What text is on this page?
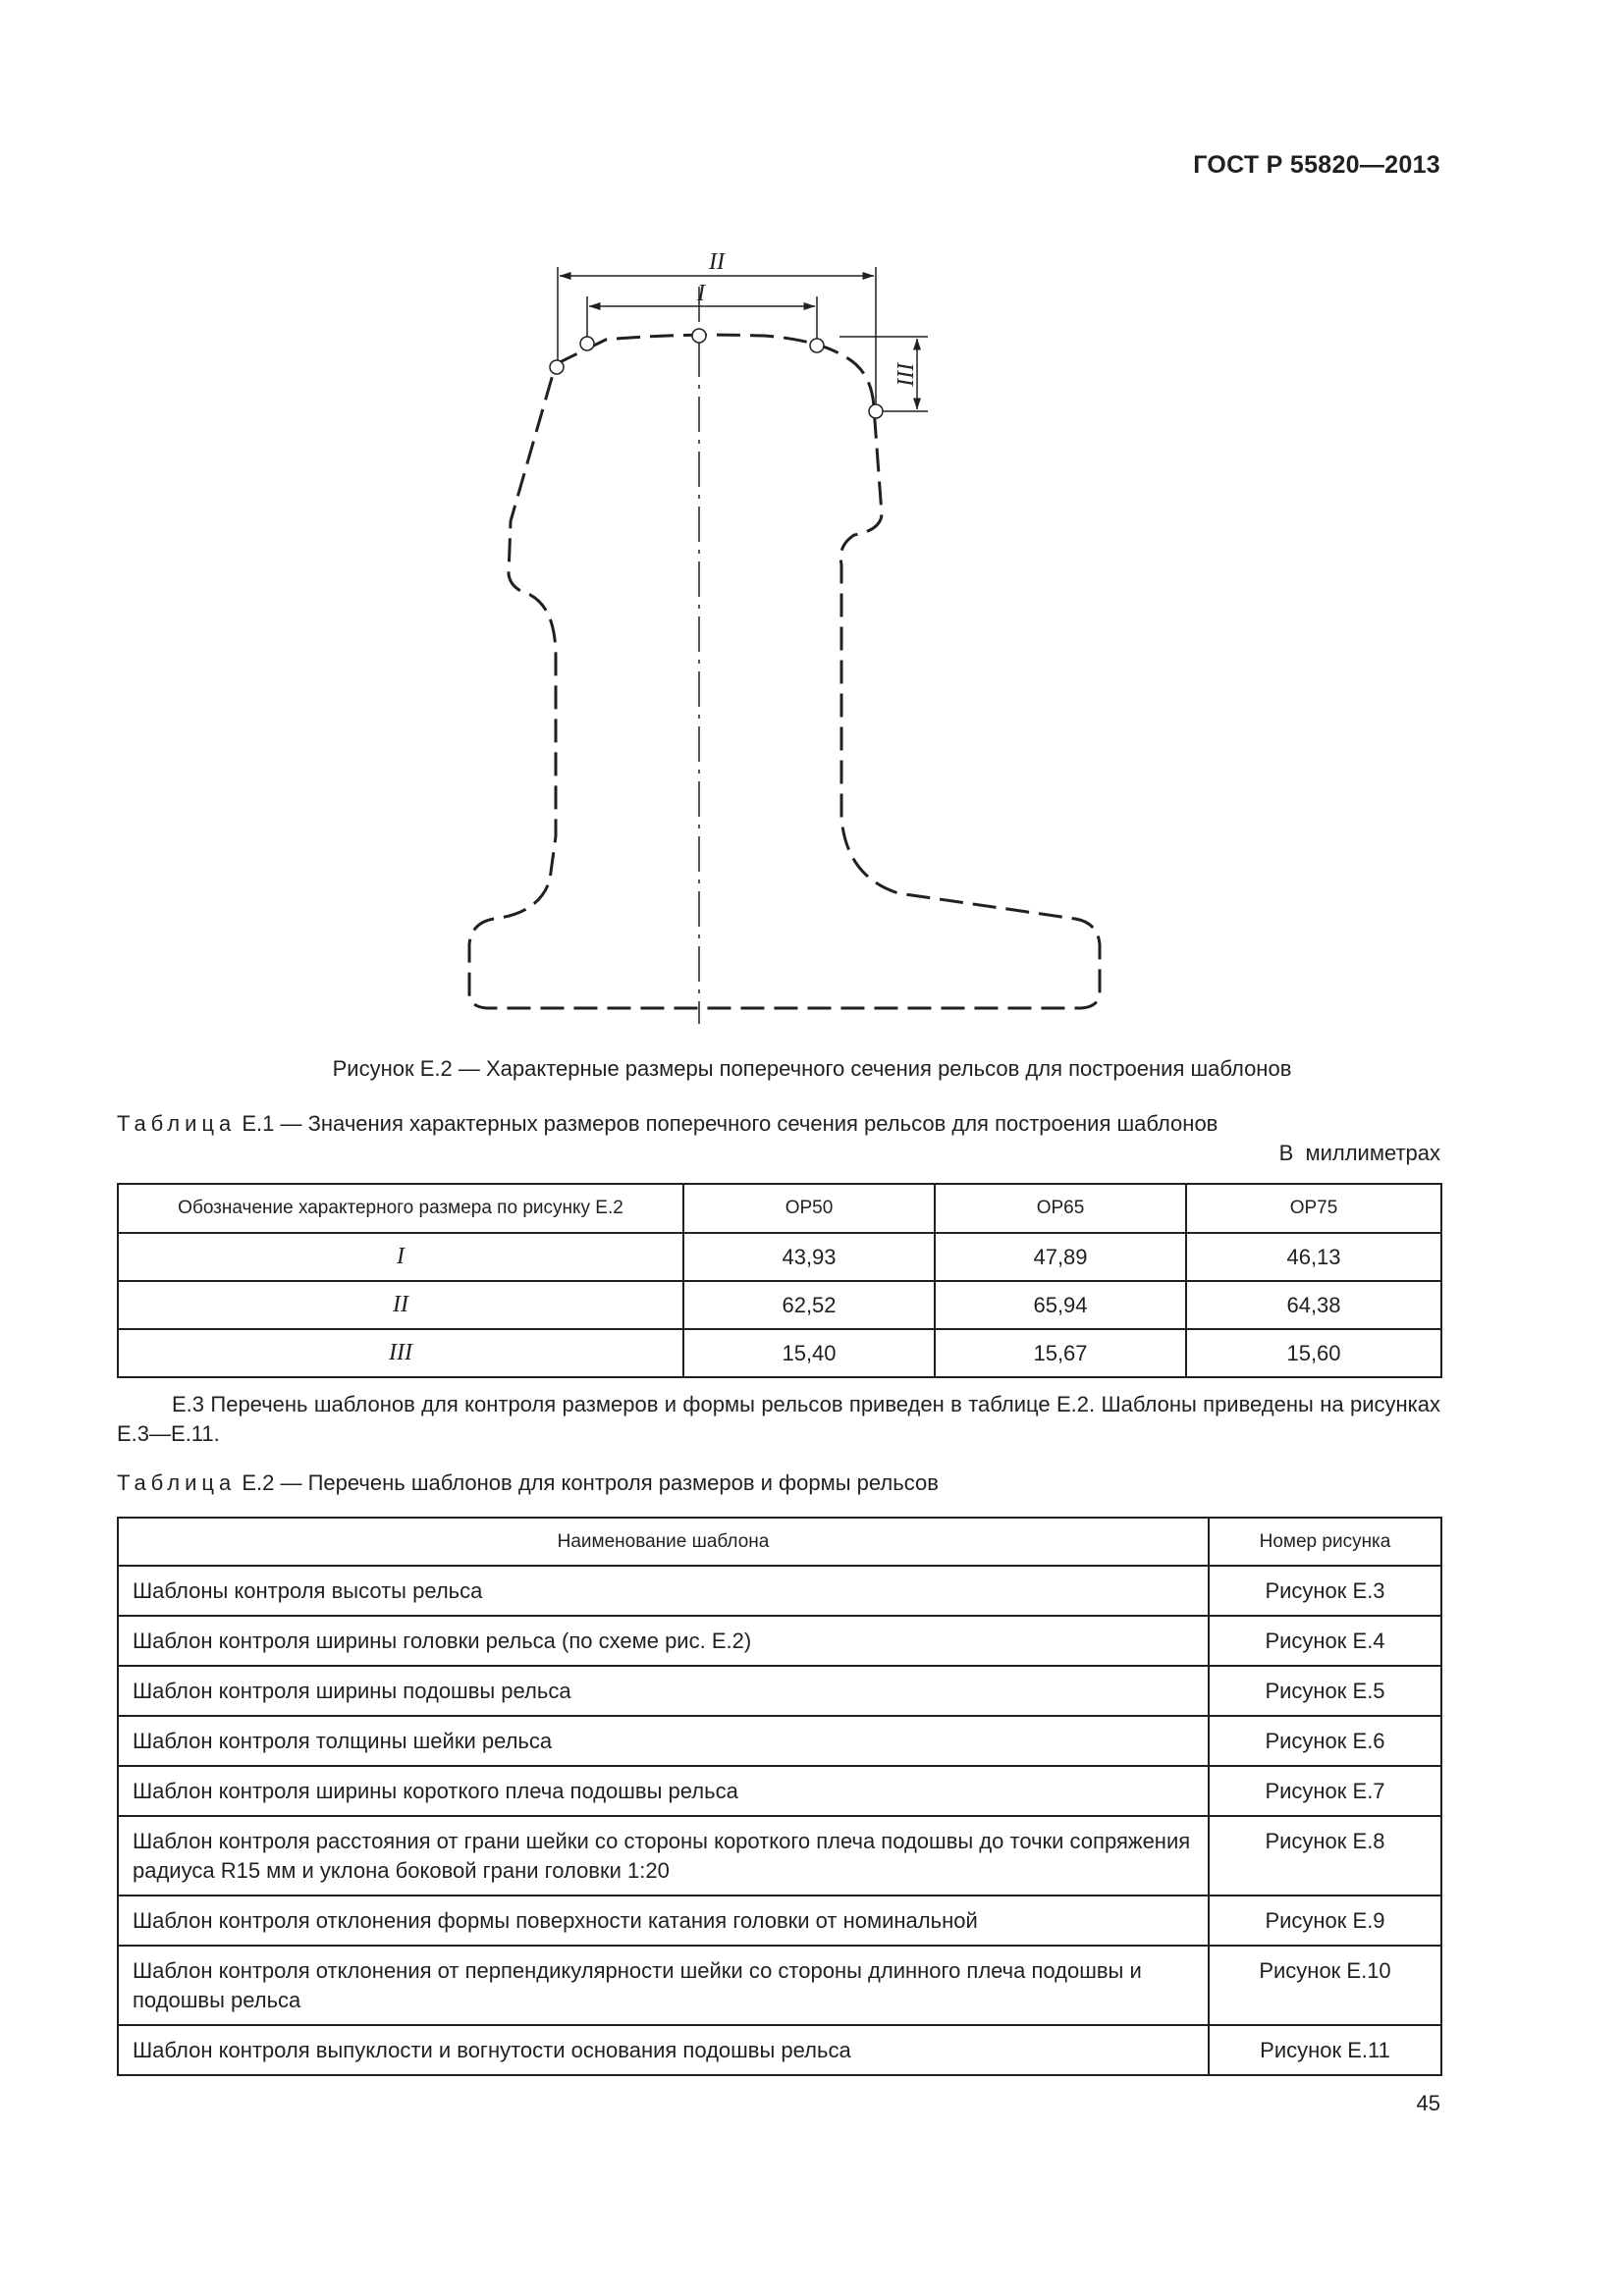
ГОСТ Р 55820—2013
II
I
III
Рисунок Е.2 — Характерные размеры поперечного сечения рельсов для построения шаблонов
Таблица Е.1 — Значения характерных размеров поперечного сечения рельсов для построения шаблонов
В миллиметрах
Обозначение характерного размера по рисунку Е.2	ОР50	ОР65	ОР75
I	43,93	47,89	46,13
II	62,52	65,94	64,38
III	15,40	15,67	15,60
Е.3 Перечень шаблонов для контроля размеров и формы рельсов приведен в таблице Е.2. Шаблоны приведены на рисунках Е.3—Е.11.
Таблица Е.2 — Перечень шаблонов для контроля размеров и формы рельсов
Наименование шаблона	Номер рисунка
Шаблоны контроля высоты рельса	Рисунок Е.3
Шаблон контроля ширины головки рельса (по схеме рис. Е.2)	Рисунок Е.4
Шаблон контроля ширины подошвы рельса	Рисунок Е.5
Шаблон контроля толщины шейки рельса	Рисунок Е.6
Шаблон контроля ширины короткого плеча подошвы рельса	Рисунок Е.7
Шаблон контроля расстояния от грани шейки со стороны короткого плеча подошвы до точки сопряжения радиуса R15 мм и уклона боковой грани головки 1:20	Рисунок Е.8
Шаблон контроля отклонения формы поверхности катания головки от номинальной	Рисунок Е.9
Шаблон контроля отклонения от перпендикулярности шейки со стороны длинного плеча подошвы и подошвы рельса	Рисунок Е.10
Шаблон контроля выпуклости и вогнутости основания подошвы рельса	Рисунок Е.11
45
